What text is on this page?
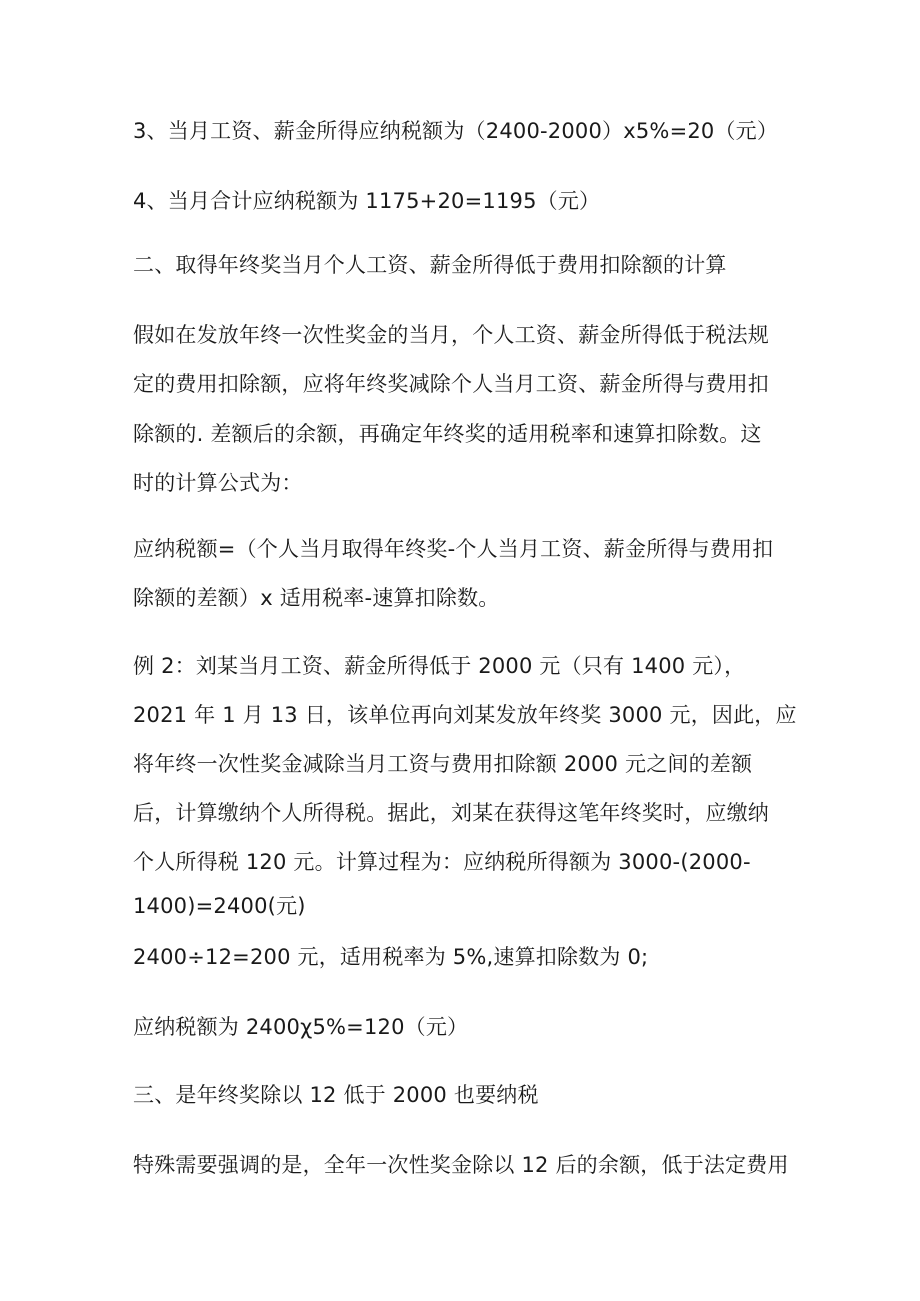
3、当月工资、薪金所得应纳税额为（2400-2000）x5%=20（元）
4、当月合计应纳税额为 1175+20=1195（元）
二、取得年终奖当月个人工资、薪金所得低于费用扣除额的计算
假如在发放年终一次性奖金的当月，个人工资、薪金所得低于税法规
定的费用扣除额，应将年终奖减除个人当月工资、薪金所得与费用扣
除额的. 差额后的余额，再确定年终奖的适用税率和速算扣除数。这
时的计算公式为：
应纳税额=（个人当月取得年终奖-个人当月工资、薪金所得与费用扣
除额的差额）x 适用税率-速算扣除数。
例 2：刘某当月工资、薪金所得低于 2000 元（只有 1400 元），
2021 年 1 月 13 日，该单位再向刘某发放年终奖 3000 元，因此，应
将年终一次性奖金减除当月工资与费用扣除额 2000 元之间的差额
后，计算缴纳个人所得税。据此，刘某在获得这笔年终奖时，应缴纳
个人所得税 120 元。计算过程为：应纳税所得额为 3000-(2000-
1400)=2400(元)
2400÷12=200 元，适用税率为 5%,速算扣除数为 0;
应纳税额为 2400χ5%=120（元）
三、是年终奖除以 12 低于 2000 也要纳税
特殊需要强调的是，全年一次性奖金除以 12 后的余额，低于法定费用
